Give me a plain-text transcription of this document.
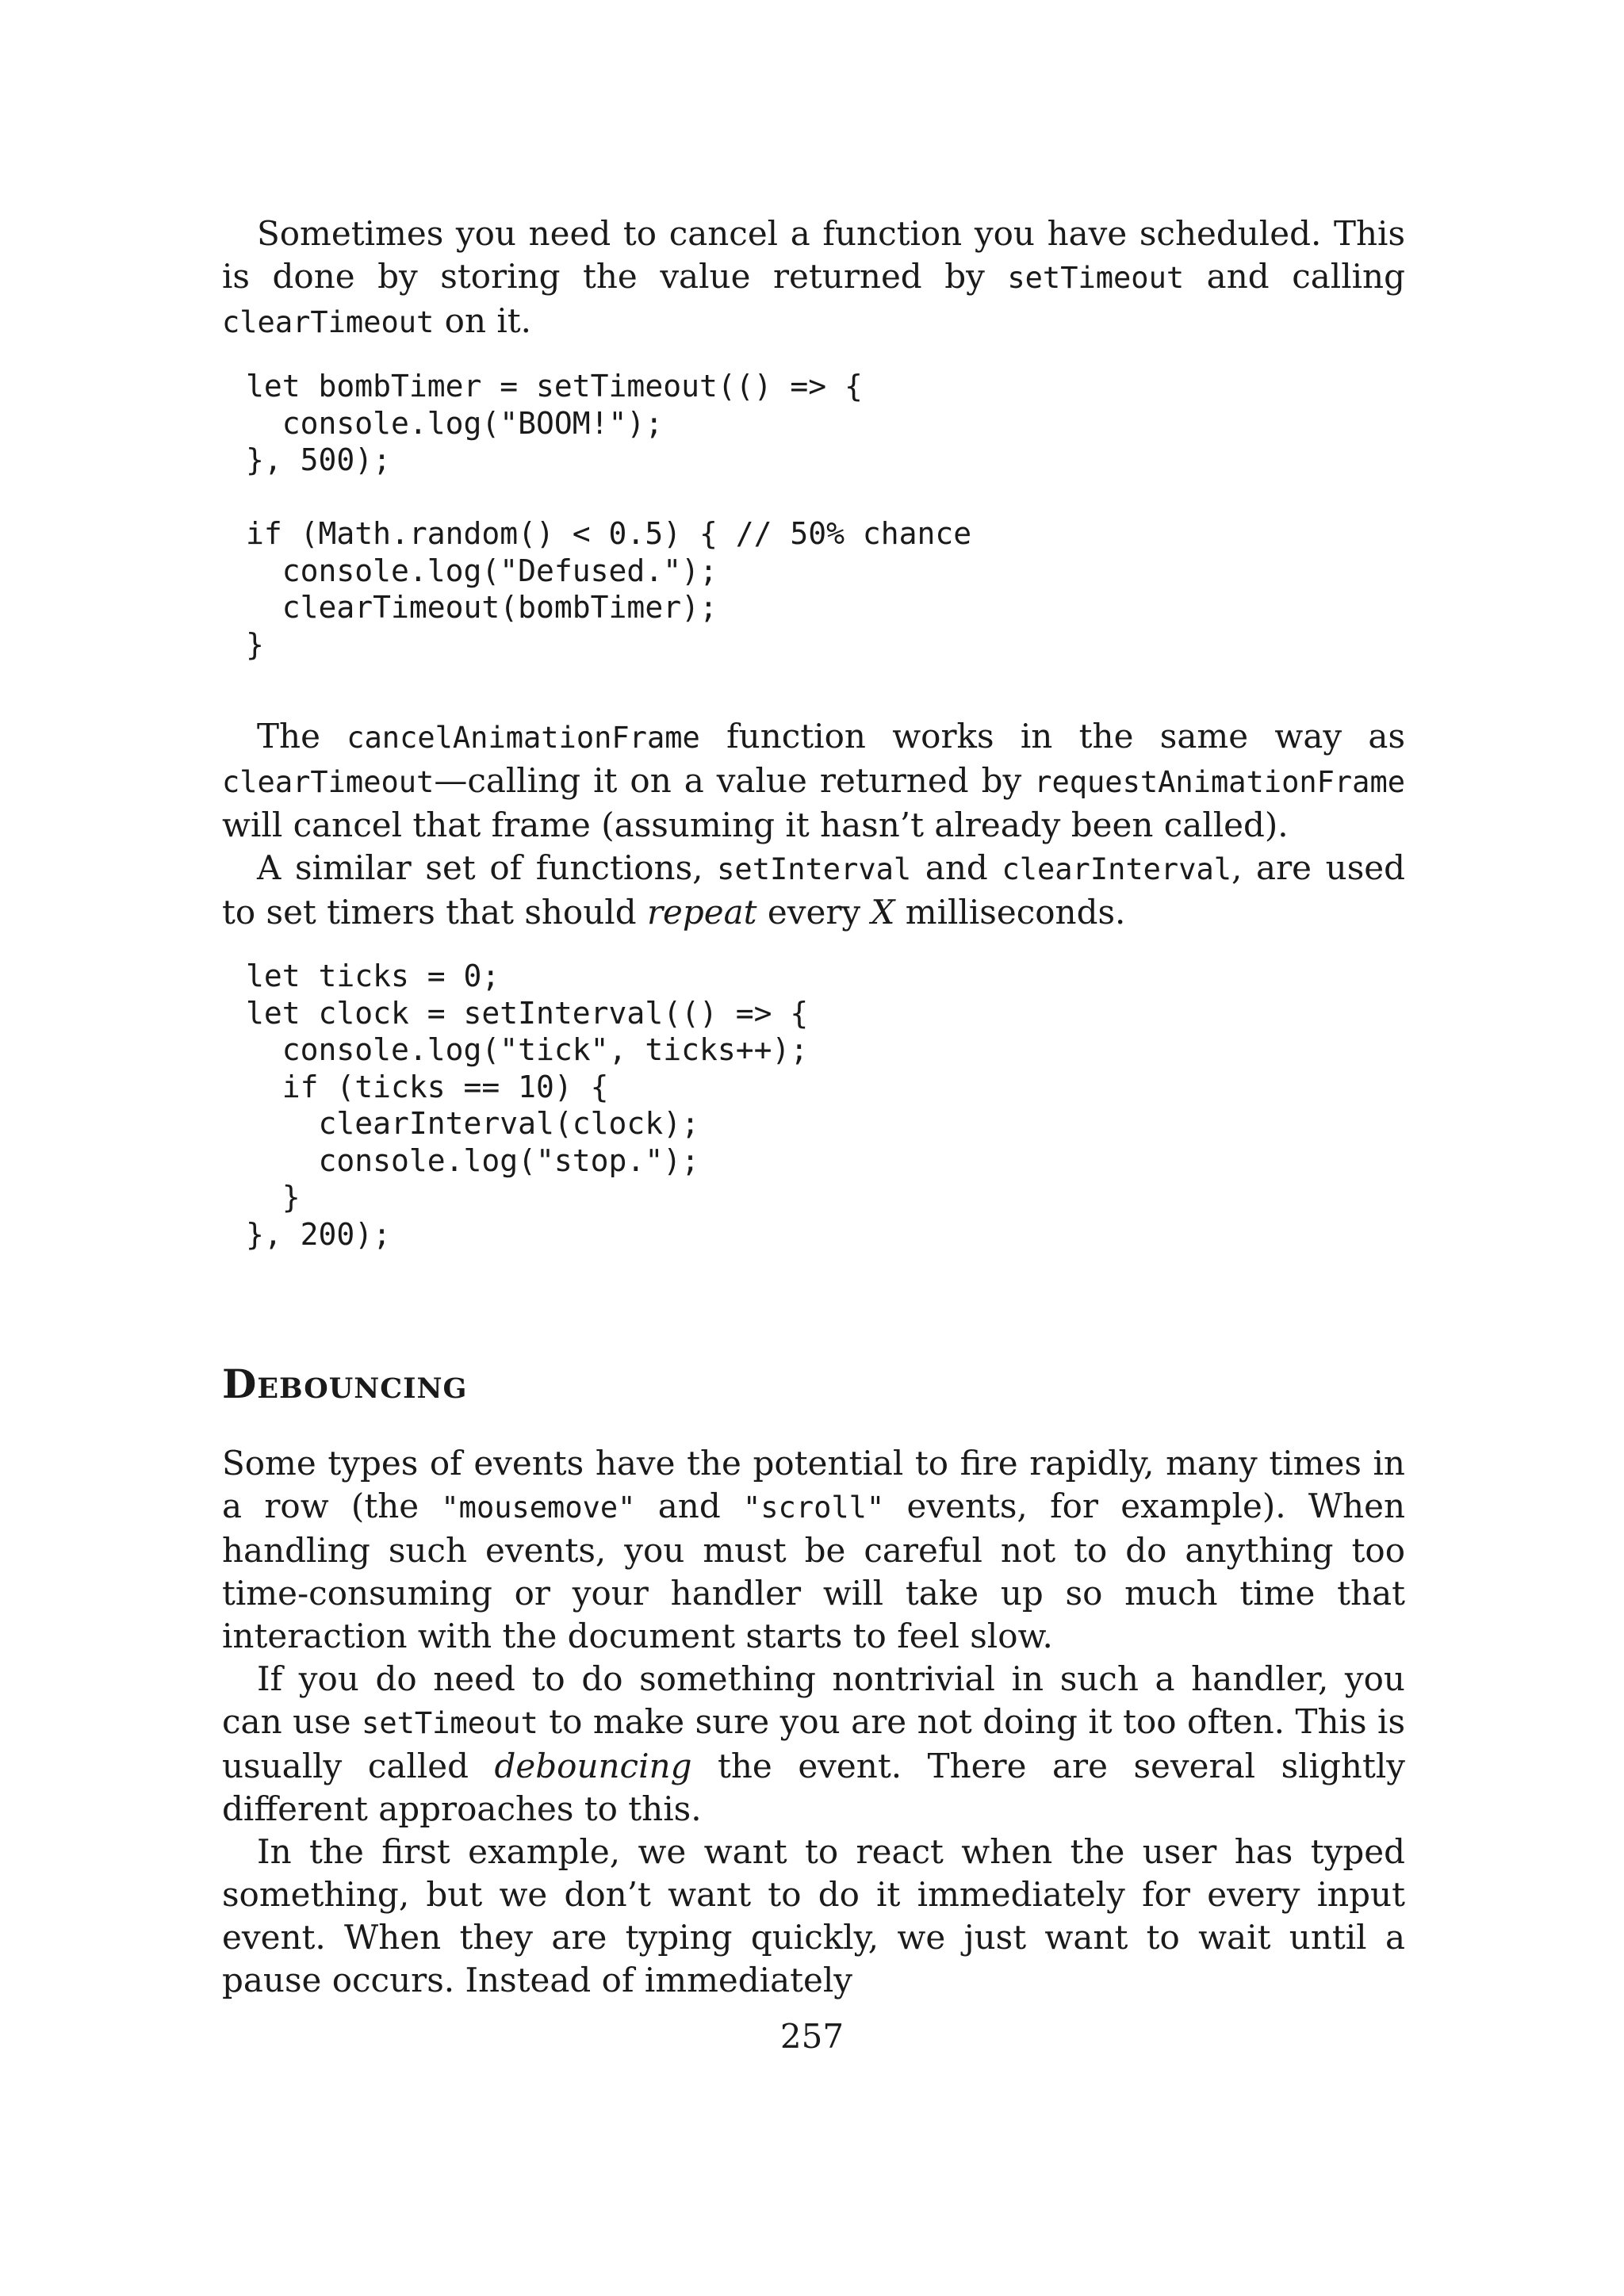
Sometimes you need to cancel a function you have scheduled. This is done by storing the value returned by setTimeout and calling clearTimeout on it.

let bombTimer = setTimeout(() => {
console.log("BOOM!");
}, 500);
if (Math.random() < 0.5) { // 50% chance
console.log("Defused.");
clearTimeout(bombTimer);
}

The cancelAnimationFrame function works in the same way as clearTimeout—calling it on a value returned by requestAnimationFrame will cancel that frame (assuming it hasn’t already been called).

A similar set of functions, setInterval and clearInterval, are used to set timers that should repeat every X milliseconds.

let ticks = 0;
let clock = setInterval(() => {
console.log("tick", ticks++);
if (ticks == 10) {
clearInterval(clock);
console.log("stop.");
}
}, 200);
Debouncing

Some types of events have the potential to fire rapidly, many times in a row (the "mousemove" and "scroll" events, for example). When handling such events, you must be careful not to do anything too time-consuming or your handler will take up so much time that interaction with the document starts to feel slow.

If you do need to do something nontrivial in such a handler, you can use setTimeout to make sure you are not doing it too often. This is usually called debouncing the event. There are several slightly different approaches to this.

In the first example, we want to react when the user has typed something, but we don’t want to do it immediately for every input event. When they are typing quickly, we just want to wait until a pause occurs. Instead of immediately

257
